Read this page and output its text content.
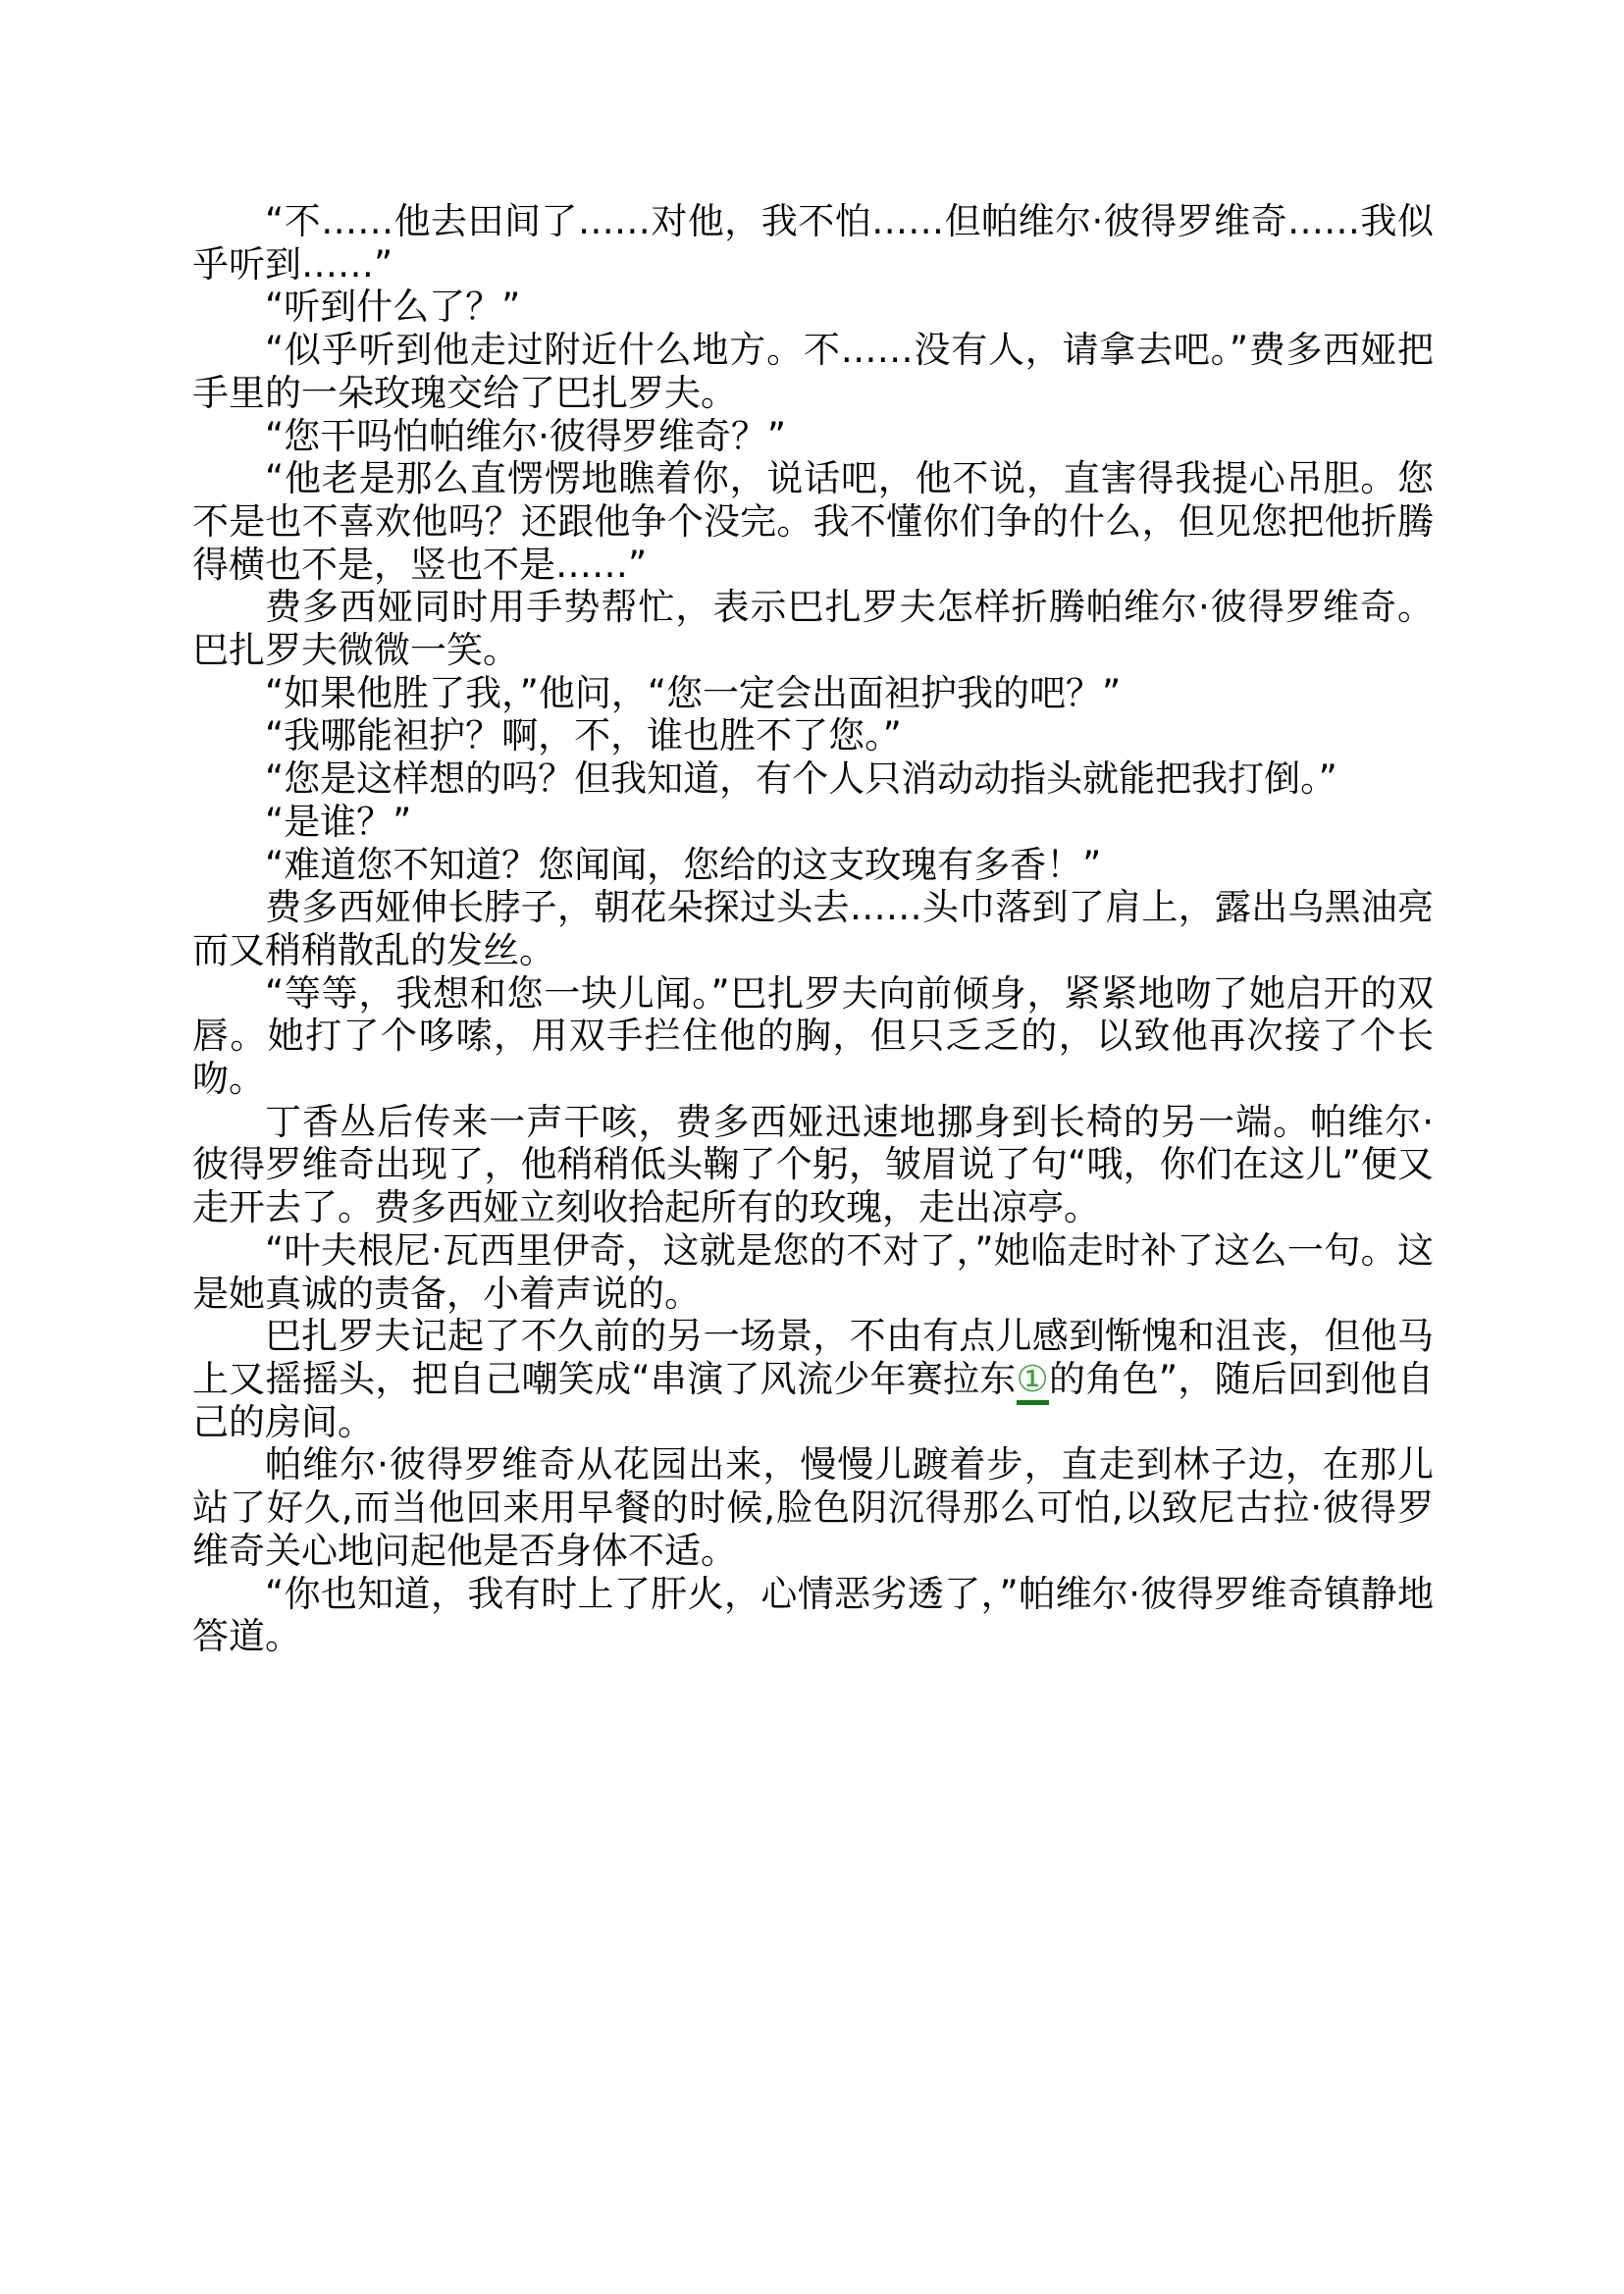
“不……他去田间了……对他，我不怕……但帕维尔·彼得罗维奇……我似乎听到……”

“听到什么了？”

“似乎听到他走过附近什么地方。不……没有人，请拿去吧。”费多西娅把手里的一朵玫瑰交给了巴扎罗夫。

“您干吗怕帕维尔·彼得罗维奇？”

“他老是那么直愣愣地瞧着你，说话吧，他不说，直害得我提心吊胆。您不是也不喜欢他吗？还跟他争个没完。我不懂你们争的什么，但见您把他折腾得横也不是，竖也不是……”

费多西娅同时用手势帮忙，表示巴扎罗夫怎样折腾帕维尔·彼得罗维奇。巴扎罗夫微微一笑。

“如果他胜了我，”他问，“您一定会出面袒护我的吧？”

“我哪能袒护？啊，不，谁也胜不了您。”

“您是这样想的吗？但我知道，有个人只消动动指头就能把我打倒。”

“是谁？”

“难道您不知道？您闻闻，您给的这支玫瑰有多香！”

费多西娅伸长脖子，朝花朵探过头去……头巾落到了肩上，露出乌黑油亮而又稍稍散乱的发丝。

“等等，我想和您一块儿闻。”巴扎罗夫向前倾身，紧紧地吻了她启开的双唇。她打了个哆嗦，用双手拦住他的胸，但只乏乏的，以致他再次接了个长吻。

丁香丛后传来一声干咳，费多西娅迅速地挪身到长椅的另一端。帕维尔·彼得罗维奇出现了，他稍稍低头鞠了个躬，皱眉说了句“哦，你们在这儿”便又走开去了。费多西娅立刻收拾起所有的玫瑰，走出凉亭。

“叶夫根尼·瓦西里伊奇，这就是您的不对了，”她临走时补了这么一句。这是她真诚的责备，小着声说的。

巴扎罗夫记起了不久前的另一场景，不由有点儿感到惭愧和沮丧，但他马上又摇摇头，把自己嘲笑成“串演了风流少年赛拉东①的角色”，随后回到他自己的房间。

帕维尔·彼得罗维奇从花园出来，慢慢儿踱着步，直走到林子边，在那儿站了好久,而当他回来用早餐的时候,脸色阴沉得那么可怕,以致尼古拉·彼得罗维奇关心地问起他是否身体不适。

“你也知道，我有时上了肝火，心情恶劣透了，”帕维尔·彼得罗维奇镇静地答道。
